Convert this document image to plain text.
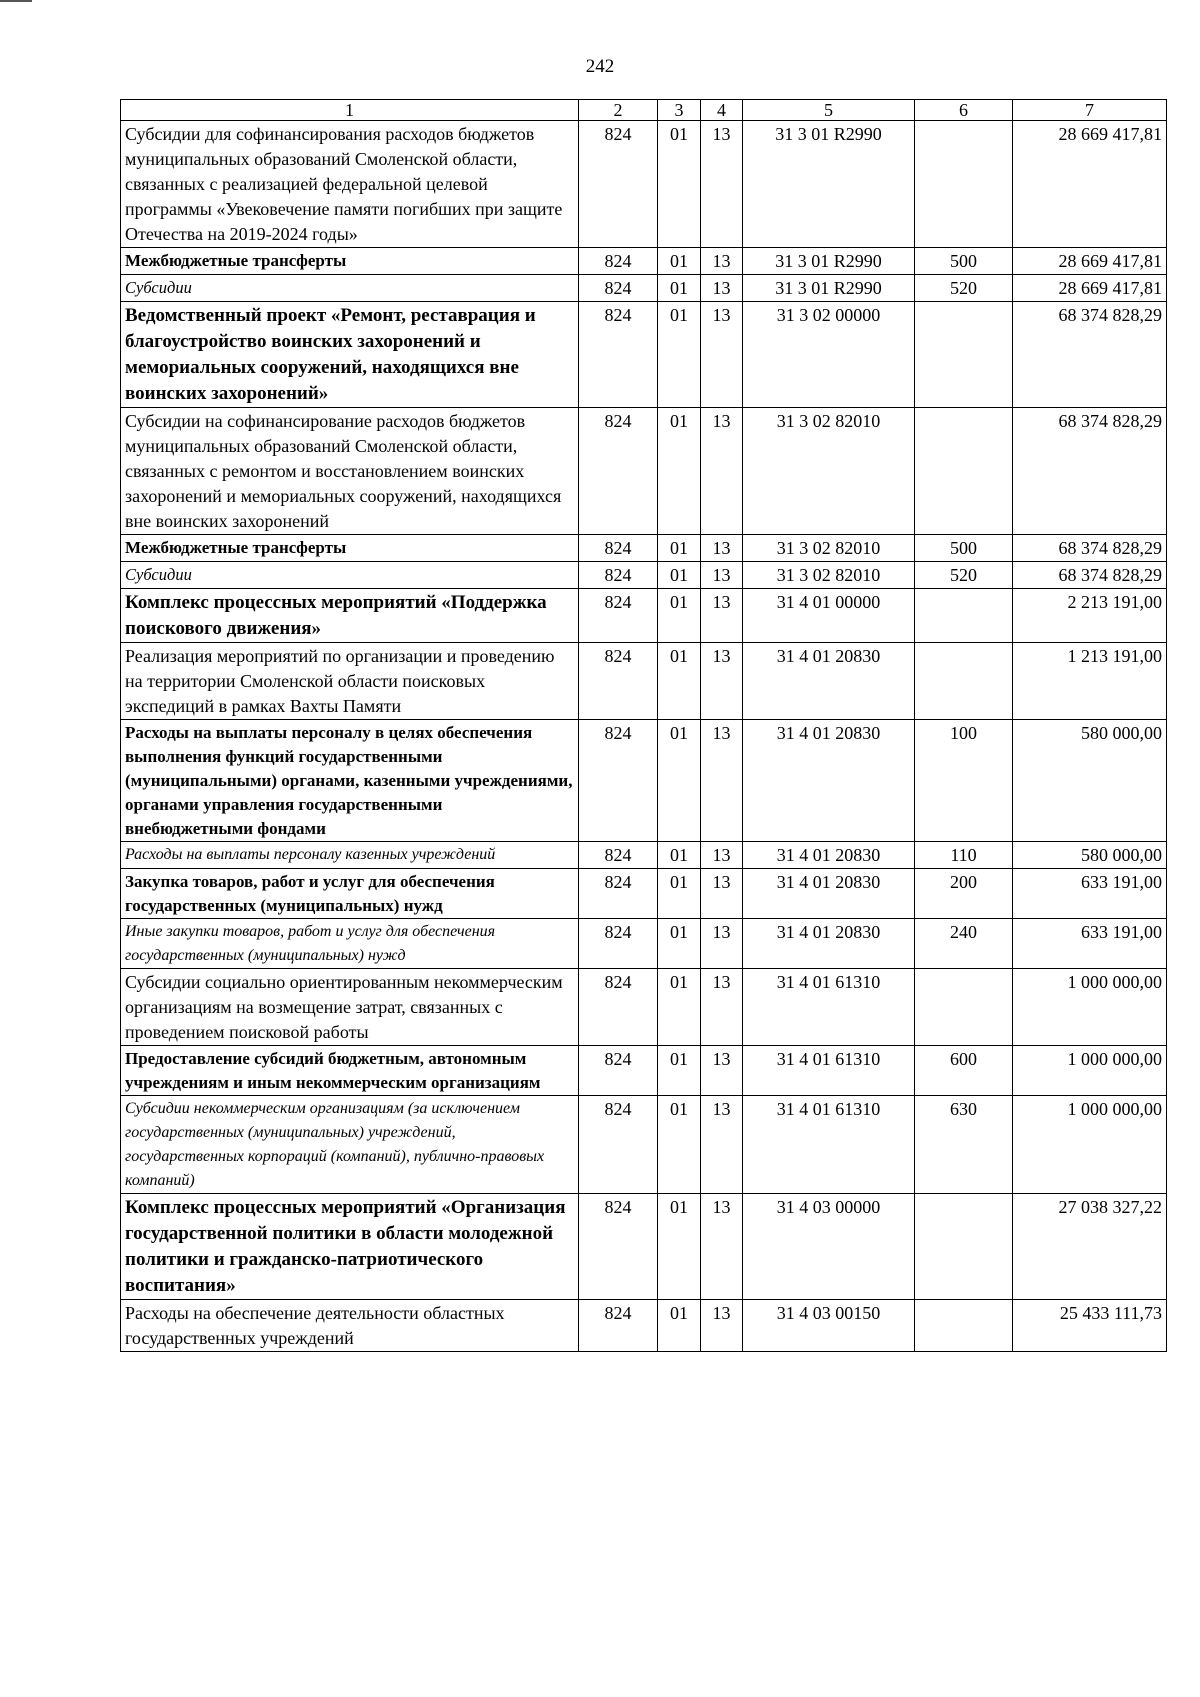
242
1	2	3	4	5	6	7
Субсидии для софинансирования расходов бюджетов муниципальных образований Смоленской области, связанных с реализацией федеральной целевой программы «Увековечение памяти погибших при защите Отечества на 2019-2024 годы»	824	01	13	31 3 01 R2990		28 669 417,81
Межбюджетные трансферты	824	01	13	31 3 01 R2990	500	28 669 417,81
Субсидии	824	01	13	31 3 01 R2990	520	28 669 417,81
Ведомственный проект «Ремонт, реставрация и благоустройство воинских захоронений и мемориальных сооружений, находящихся вне воинских захоронений»	824	01	13	31 3 02 00000		68 374 828,29
Субсидии на софинансирование расходов бюджетов муниципальных образований Смоленской области, связанных с ремонтом и восстановлением воинских захоронений и мемориальных сооружений, находящихся вне воинских захоронений	824	01	13	31 3 02 82010		68 374 828,29
Межбюджетные трансферты	824	01	13	31 3 02 82010	500	68 374 828,29
Субсидии	824	01	13	31 3 02 82010	520	68 374 828,29
Комплекс процессных мероприятий «Поддержка поискового движения»	824	01	13	31 4 01 00000		2 213 191,00
Реализация мероприятий по организации и проведению на территории Смоленской области поисковых экспедиций в рамках Вахты Памяти	824	01	13	31 4 01 20830		1 213 191,00
Расходы на выплаты персоналу в целях обеспечения выполнения функций государственными (муниципальными) органами, казенными учреждениями, органами управления государственными внебюджетными фондами	824	01	13	31 4 01 20830	100	580 000,00
Расходы на выплаты персоналу казенных учреждений	824	01	13	31 4 01 20830	110	580 000,00
Закупка товаров, работ и услуг для обеспечения государственных (муниципальных) нужд	824	01	13	31 4 01 20830	200	633 191,00
Иные закупки товаров, работ и услуг для обеспечения государственных (муниципальных) нужд	824	01	13	31 4 01 20830	240	633 191,00
Субсидии социально ориентированным некоммерческим организациям на возмещение затрат, связанных с проведением поисковой работы	824	01	13	31 4 01 61310		1 000 000,00
Предоставление субсидий бюджетным, автономным учреждениям и иным некоммерческим организациям	824	01	13	31 4 01 61310	600	1 000 000,00
Субсидии некоммерческим организациям (за исключением государственных (муниципальных) учреждений, государственных корпораций (компаний), публично-правовых компаний)	824	01	13	31 4 01 61310	630	1 000 000,00
Комплекс процессных мероприятий «Организация государственной политики в области молодежной политики и гражданско-патриотического воспитания»	824	01	13	31 4 03 00000		27 038 327,22
Расходы на обеспечение деятельности областных государственных учреждений	824	01	13	31 4 03 00150		25 433 111,73
